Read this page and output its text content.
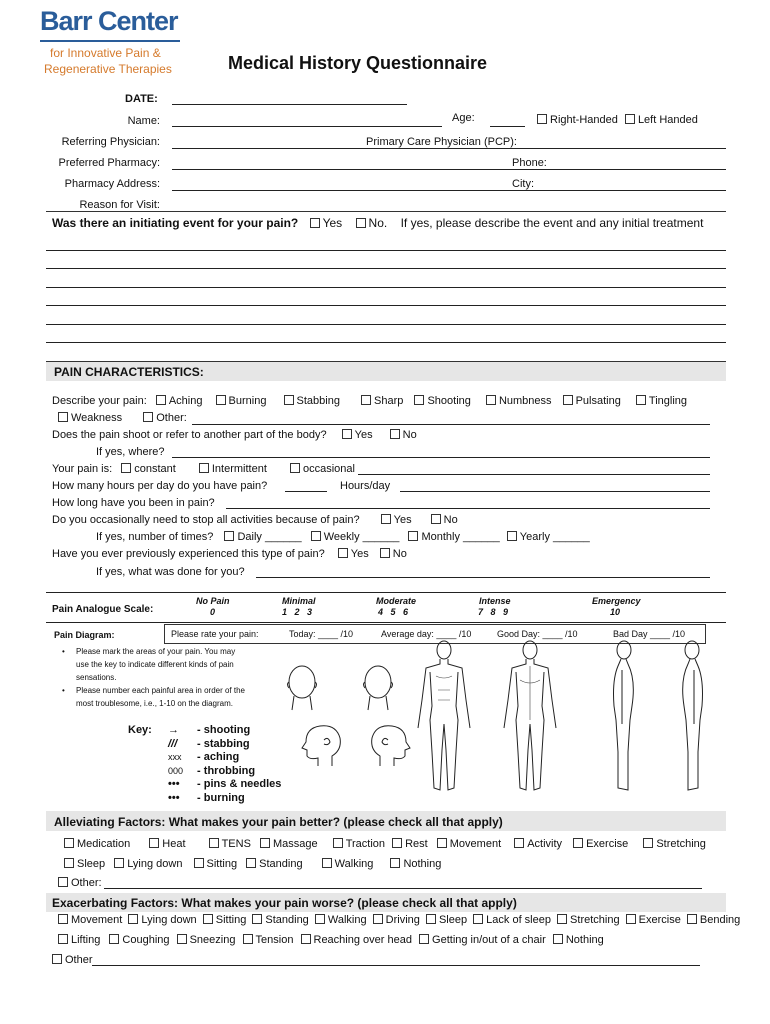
Barr Center
for Innovative Pain &
Regenerative Therapies	Medical History Questionnaire
DATE:
Name:	Age:	Right-Handed Left Handed
Referring Physician:	Primary Care Physician (PCP):
Preferred Pharmacy:	Phone:
Pharmacy Address:	City:
Reason for Visit:
Was there an initiating event for your pain? Yes No. If yes, please describe the event and any initial treatment
PAIN CHARACTERISTICS:
Describe your pain: Aching Burning	Stabbing	Sharp Shooting	Numbness Pulsating	Tingling
Weakness	Other:
Does the pain shoot or refer to another part of the body?	Yes	No
If yes, where?
Your pain is: constant	Intermittent	occasional
How many hours per day do you have pain?	Hours/day
How long have you been in pain?
Do you occasionally need to stop all activities because of pain?	Yes	No
If yes, number of times? Daily ______ Weekly ______ Monthly ______ Yearly ______
Have you ever previously experienced this type of pain? Yes No
If yes, what was done for you?
Pain Analogue Scale:
No Pain
0
Minimal
1   2   3
Moderate
4   5   6
Intense
7   8   9
Emergency
10
Pain Diagram:	Please rate your pain:	Today: ____ /10	Average day: ____ /10	Good Day: ____ /10	Bad Day ____ /10
•	Please mark the areas of your pain. You may use the key to indicate different kinds of pain sensations.
•	Please number each painful area in order of the most troublesome, i.e., 1-10 on the diagram.
Key: → - shooting
/// - stabbing
xxx - aching
000 - throbbing
••• - pins & needles
••• - burning
Alleviating Factors: What makes your pain better? (please check all that apply)
Medication	Heat	TENS Massage	Traction Rest Movement Activity Exercise	Stretching
Sleep Lying down Sitting Standing	Walking	Nothing
Other:
Exacerbating Factors: What makes your pain worse? (please check all that apply)
Movement Lying down Sitting Standing Walking Driving Sleep Lack of sleep Stretching Exercise Bending
Lifting Coughing Sneezing Tension Reaching over head Getting in/out of a chair Nothing
Other
